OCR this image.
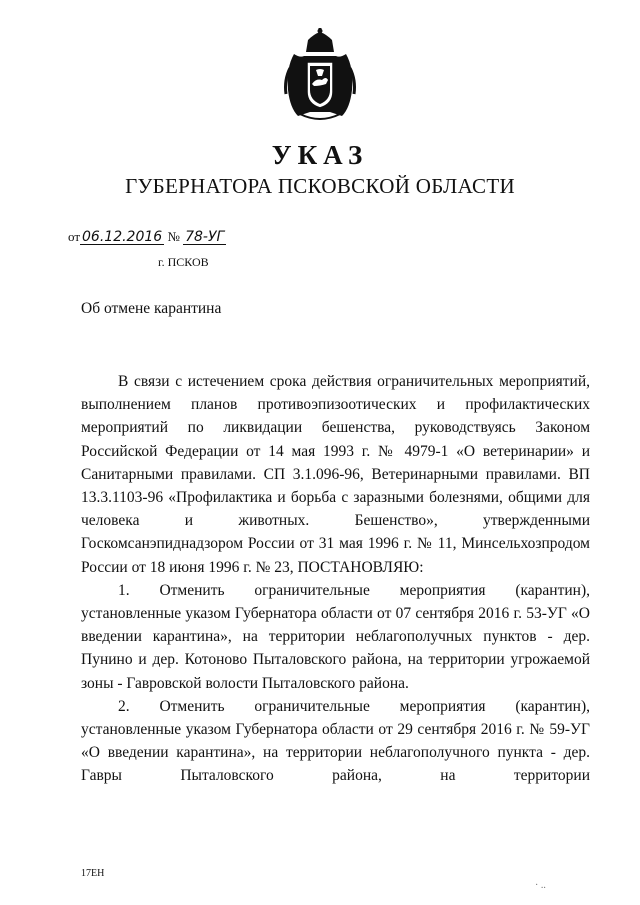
УКАЗ
ГУБЕРНАТОРА ПСКОВСКОЙ ОБЛАСТИ
от 06.12.2016 № 78-УГ
г. ПСКОВ
Об отмене карантина

В связи с истечением срока действия ограничительных мероприятий, выполнением планов противоэпизоотических и профилактических мероприятий по ликвидации бешенства, руководствуясь Законом Российской Федерации от 14 мая 1993 г. № 4979-1 «О ветеринарии» и Санитарными правилами. СП 3.1.096-96, Ветеринарными правилами. ВП 13.3.1103-96 «Профилактика и борьба с заразными болезнями, общими для человека и животных. Бешенство», утвержденными Госкомсанэпиднадзором России от 31 мая 1996 г. № 11, Минсельхозпродом России от 18 июня 1996 г. № 23, ПОСТАНОВЛЯЮ:

1. Отменить ограничительные мероприятия (карантин), установленные указом Губернатора области от 07 сентября 2016 г. 53-УГ «О введении карантина», на территории неблагополучных пунктов - дер. Пунино и дер. Котоново Пыталовского района, на территории угрожаемой зоны - Гавровской волости Пыталовского района.

2. Отменить ограничительные мероприятия (карантин), установленные указом Губернатора области от 29 сентября 2016 г. № 59-УГ «О введении карантина», на территории неблагополучного пункта - дер. Гавры Пыталовского района, на территории

17ЕН
· ..
